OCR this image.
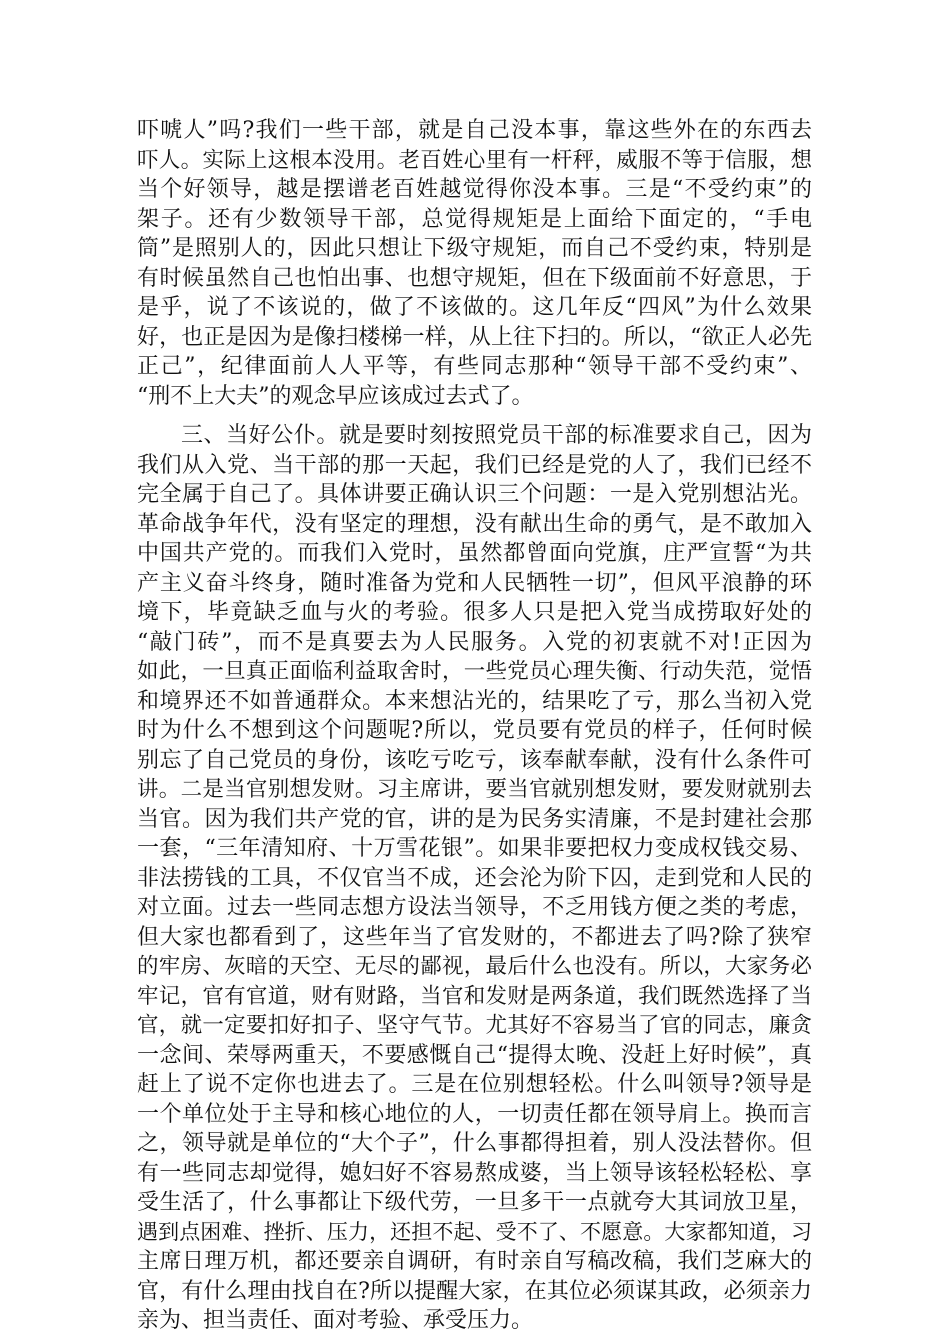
吓唬人”吗?我们一些干部，就是自己没本事，靠这些外在的东西去
吓人。实际上这根本没用。老百姓心里有一杆秤，威服不等于信服，想
当个好领导，越是摆谱老百姓越觉得你没本事。三是“不受约束”的
架子。还有少数领导干部，总觉得规矩是上面给下面定的，“手电
筒”是照别人的，因此只想让下级守规矩，而自己不受约束，特别是
有时候虽然自己也怕出事、也想守规矩，但在下级面前不好意思，于
是乎，说了不该说的，做了不该做的。这几年反“四风”为什么效果
好，也正是因为是像扫楼梯一样，从上往下扫的。所以，“欲正人必先
正己”，纪律面前人人平等，有些同志那种“领导干部不受约束”、
“刑不上大夫”的观念早应该成过去式了。
三、当好公仆。就是要时刻按照党员干部的标准要求自己，因为
我们从入党、当干部的那一天起，我们已经是党的人了，我们已经不
完全属于自己了。具体讲要正确认识三个问题：一是入党别想沾光。
革命战争年代，没有坚定的理想，没有献出生命的勇气，是不敢加入
中国共产党的。而我们入党时，虽然都曾面向党旗，庄严宣誓“为共
产主义奋斗终身，随时准备为党和人民牺牲一切”，但风平浪静的环
境下，毕竟缺乏血与火的考验。很多人只是把入党当成捞取好处的
“敲门砖”，而不是真要去为人民服务。入党的初衷就不对!正因为
如此，一旦真正面临利益取舍时，一些党员心理失衡、行动失范，觉悟
和境界还不如普通群众。本来想沾光的，结果吃了亏，那么当初入党
时为什么不想到这个问题呢?所以，党员要有党员的样子，任何时候
别忘了自己党员的身份，该吃亏吃亏，该奉献奉献，没有什么条件可
讲。二是当官别想发财。习主席讲，要当官就别想发财，要发财就别去
当官。因为我们共产党的官，讲的是为民务实清廉，不是封建社会那
一套，“三年清知府、十万雪花银”。如果非要把权力变成权钱交易、
非法捞钱的工具，不仅官当不成，还会沦为阶下囚，走到党和人民的
对立面。过去一些同志想方设法当领导，不乏用钱方便之类的考虑，
但大家也都看到了，这些年当了官发财的，不都进去了吗?除了狭窄
的牢房、灰暗的天空、无尽的鄙视，最后什么也没有。所以，大家务必
牢记，官有官道，财有财路，当官和发财是两条道，我们既然选择了当
官，就一定要扣好扣子、坚守气节。尤其好不容易当了官的同志，廉贪
一念间、荣辱两重天，不要感慨自己“提得太晚、没赶上好时候”，真
赶上了说不定你也进去了。三是在位别想轻松。什么叫领导?领导是
一个单位处于主导和核心地位的人，一切责任都在领导肩上。换而言
之，领导就是单位的“大个子”，什么事都得担着，别人没法替你。但
有一些同志却觉得，媳妇好不容易熬成婆，当上领导该轻松轻松、享
受生活了，什么事都让下级代劳，一旦多干一点就夸大其词放卫星，
遇到点困难、挫折、压力，还担不起、受不了、不愿意。大家都知道，习
主席日理万机，都还要亲自调研，有时亲自写稿改稿，我们芝麻大的
官，有什么理由找自在?所以提醒大家，在其位必须谋其政，必须亲力
亲为、担当责任、面对考验、承受压力。
